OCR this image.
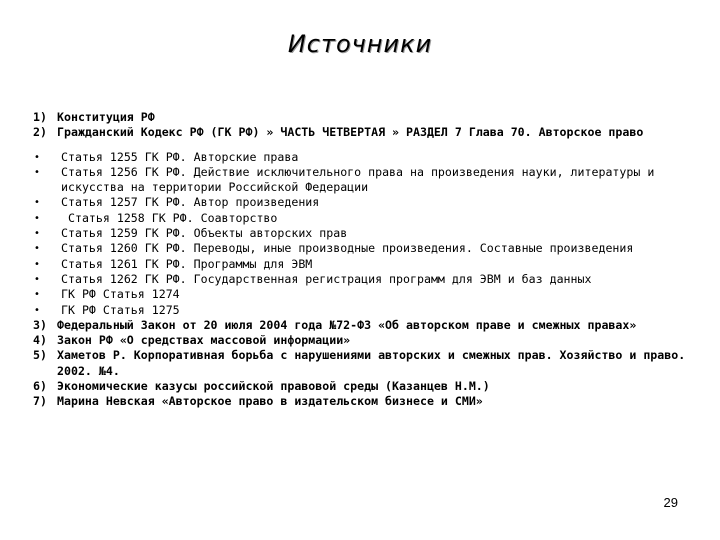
Источники
1) Конституция РФ
2) Гражданский Кодекс РФ (ГК РФ) » ЧАСТЬ ЧЕТВЕРТАЯ » РАЗДЕЛ 7 Глава 70. Авторское право
•	Статья 1255 ГК РФ. Авторские права
•	Статья 1256 ГК РФ. Действие исключительного права на произведения науки, литературы и искусства на территории Российской Федерации
•	Статья 1257 ГК РФ. Автор произведения
•	Статья 1258 ГК РФ. Соавторство
•	Статья 1259 ГК РФ. Объекты авторских прав
•	Статья 1260 ГК РФ. Переводы, иные производные произведения. Составные произведения
•	Статья 1261 ГК РФ. Программы для ЭВМ
•	Статья 1262 ГК РФ. Государственная регистрация программ для ЭВМ и баз данных
•	ГК РФ Статья 1274
•	ГК РФ Статья 1275
3) Федеральный Закон от 20 июля 2004 года №72-ФЗ «Об авторском праве и смежных правах»
4) Закон РФ «О средствах массовой информации»
5) Хаметов Р. Корпоративная борьба с нарушениями авторских и смежных прав. Хозяйство и право. 2002. №4.
6) Экономические казусы российской правовой среды (Казанцев Н.М.)
7) Марина Невская «Авторское право в издательском бизнесе и СМИ»
29
